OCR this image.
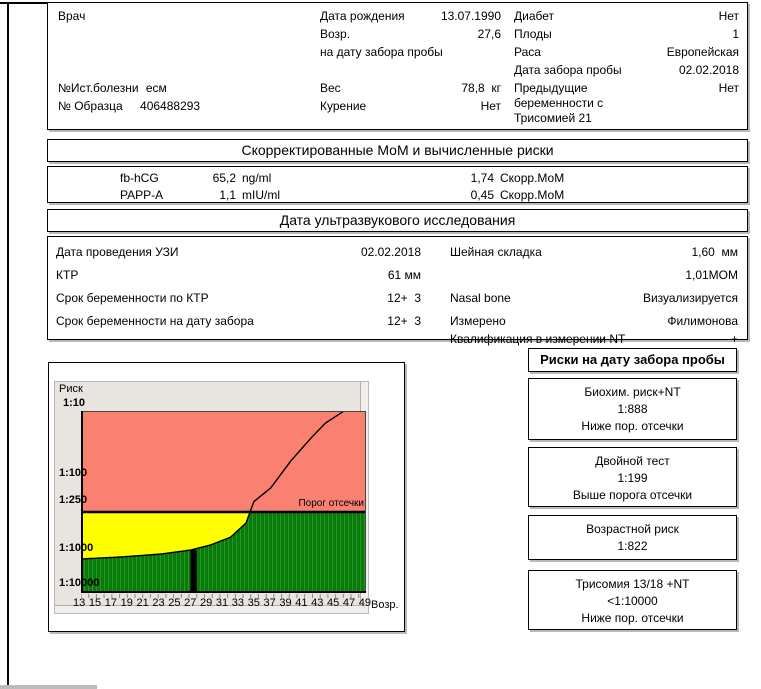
Врач
№Ист.болезни есм
№ Образца 406488293
Дата рождения	13.07.1990
Возр.	27,6
на дату забора пробы
Вес	78,8  кг
Курение	Нет
Диабет	Нет
Плоды	1
Раса	Европейская
Дата забора пробы	02.02.2018
Предыдущие беременности с Трисомией 21
Нет
Скорректированные МоМ и вычисленные риски
fb-hCG	65,2 ng/ml	1,74 Скорр.МоМ
PAPP-A	1,1 mIU/ml	0,45 Скорр.МоМ
Дата ультразвукового исследования
Дата проведения УЗИ	02.02.2018
КТР	61 мм
Срок беременности по КТР	12+  3
Срок беременности на дату забора	12+  3
Шейная складка	1,60  мм
1,01МОМ
Nasal bone	Визуализируется
Измерено	Филимонова
Квалификация в измерении NT	+
Риск
1:10
1:100
1:250
1:1000
1:10000
Порог отсечки
13 15 17 19 21 23 25 27 29 31 33 35 37 39 41 43 45 47 49 Возр.
Риски на дату забора пробы
Биохим. риск+NT
1:888
Ниже пор. отсечки
Двойной тест
1:199
Выше порога отсечки
Возрастной риск
1:822
Трисомия 13/18 +NT
<1:10000
Ниже пор. отсечки
